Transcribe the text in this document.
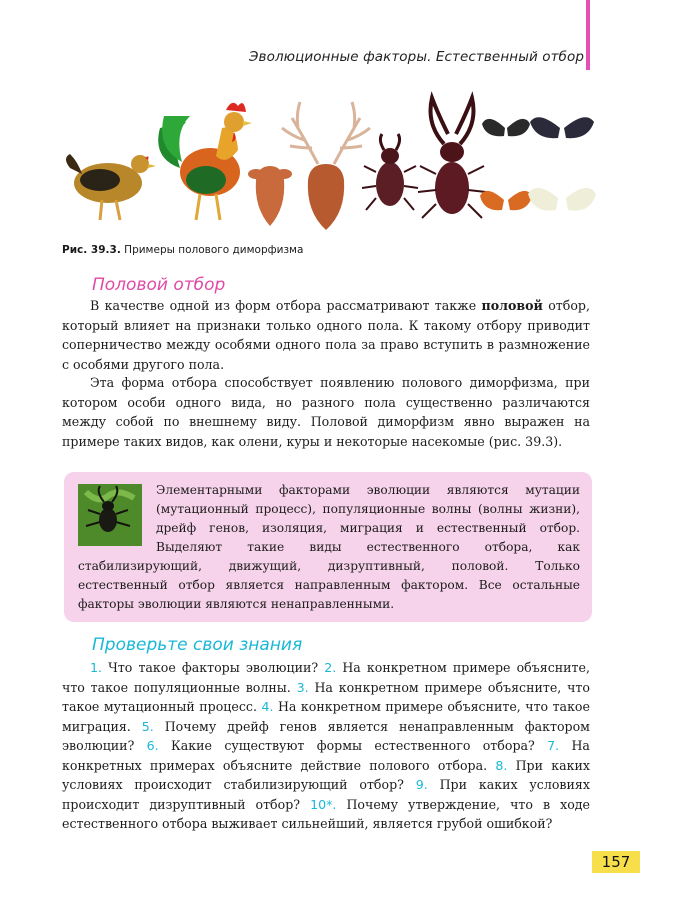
Эволюционные факторы. Естественный отбор
Рис. 39.3. Примеры полового диморфизма
Половой отбор

В качестве одной из форм отбора рассматривают также половой отбор, который влияет на признаки только одного пола. К такому отбору приводит соперничество между особями одного пола за право вступить в размножение с особями другого пола.

Эта форма отбора способствует появлению полового диморфизма, при котором особи одного вида, но разного пола существенно различаются между собой по внешнему виду. Половой диморфизм явно выражен на примере таких видов, как олени, куры и некоторые насекомые (рис. 39.3).

Элементарными факторами эволюции являются мутации (мутационный процесс), популяционные волны (волны жизни), дрейф генов, изоляция, миграция и естественный отбор. Выделяют такие виды естественного отбора, как стабилизирующий, движущий, дизруптивный, половой. Только естественный отбор является направленным фактором. Все остальные факторы эволюции являются ненаправленными.

Проверьте свои знания

1. Что такое факторы эволюции? 2. На конкретном примере объясните, что такое популяционные волны. 3. На конкретном примере объясните, что такое мутационный процесс. 4. На конкретном примере объясните, что такое миграция. 5. Почему дрейф генов является ненаправленным фактором эволюции? 6. Какие существуют формы естественного отбора? 7. На конкретных примерах объясните действие полового отбора. 8. При каких условиях происходит стабилизирующий отбор? 9. При каких условиях происходит дизруптивный отбор? 10*. Почему утверждение, что в ходе естественного отбора выживает сильнейший, является грубой ошибкой?

157
